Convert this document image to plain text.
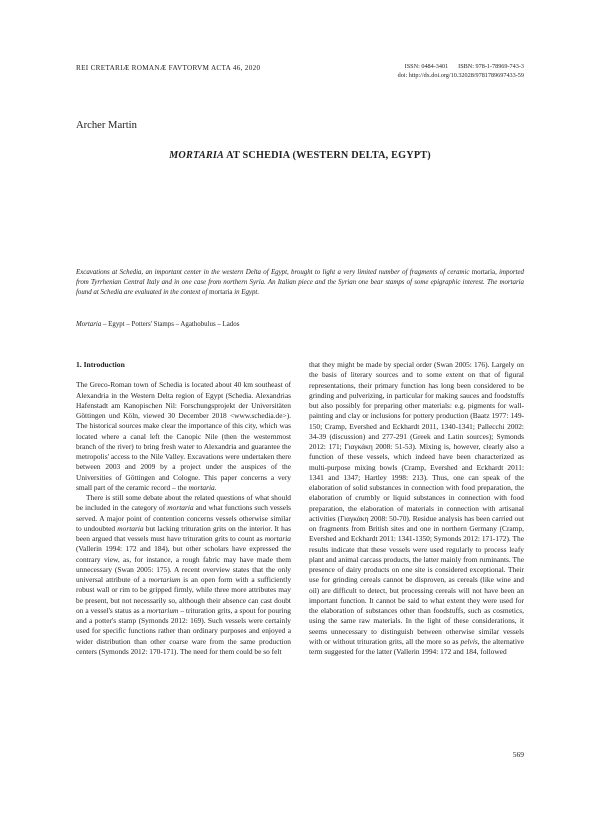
REI CRETARIÆ ROMANÆ FAVTORVM ACTA 46, 2020	ISSN: 0484-3401 ISBN: 978-1-78969-743-3
doi: http://dx.doi.org/10.32028/9781789697433-59
Archer Martin
MORTARIA AT SCHEDIA (WESTERN DELTA, EGYPT)
Excavations at Schedia, an important center in the western Delta of Egypt, brought to light a very limited number of fragments of ceramic mortaria, imported from Tyrrhenian Central Italy and in one case from northern Syria. An Italian piece and the Syrian one bear stamps of some epigraphic interest. The mortaria found at Schedia are evaluated in the context of mortaria in Egypt.
Mortaria – Egypt – Potters' Stamps – Agathobulus – Lados
1. Introduction

The Greco-Roman town of Schedia is located about 40 km southeast of Alexandria in the Western Delta region of Egypt (Schedia. Alexandrias Hafenstadt am Kanopischen Nil: Forschungsprojekt der Universitäten Göttingen und Köln, viewed 30 December 2018 <www.schedia.de>). The historical sources make clear the importance of this city, which was located where a canal left the Canopic Nile (then the westernmost branch of the river) to bring fresh water to Alexandria and guarantee the metropolis' access to the Nile Valley. Excavations were undertaken there between 2003 and 2009 by a project under the auspices of the Universities of Göttingen and Cologne. This paper concerns a very small part of the ceramic record – the mortaria.

There is still some debate about the related questions of what should be included in the category of mortaria and what functions such vessels served. A major point of contention concerns vessels otherwise similar to undoubted mortaria but lacking trituration grits on the interior. It has been argued that vessels must have trituration grits to count as mortaria (Vallerin 1994: 172 and 184), but other scholars have expressed the contrary view, as, for instance, a rough fabric may have made them unnecessary (Swan 2005: 175). A recent overview states that the only universal attribute of a mortarium is an open form with a sufficiently robust wall or rim to be gripped firmly, while three more attributes may be present, but not necessarily so, although their absence can cast doubt on a vessel's status as a mortarium – trituration grits, a spout for pouring and a potter's stamp (Symonds 2012: 169). Such vessels were certainly used for specific functions rather than ordinary purposes and enjoyed a wider distribution than other coarse ware from the same production centers (Symonds 2012: 170-171). The need for them could be so felt

that they might be made by special order (Swan 2005: 176). Largely on the basis of literary sources and to some extent on that of figural representations, their primary function has long been considered to be grinding and pulverizing, in particular for making sauces and foodstuffs but also possibly for preparing other materials: e.g. pigments for wall-painting and clay or inclusions for pottery production (Baatz 1977: 149-150; Cramp, Evershed and Eckhardt 2011, 1340-1341; Pallecchi 2002: 34-39 (discussion) and 277-291 (Greek and Latin sources); Symonds 2012: 171; Γιαγκάκη 2008: 51-53). Mixing is, however, clearly also a function of these vessels, which indeed have been characterized as multi-purpose mixing bowls (Cramp, Evershed and Eckhardt 2011: 1341 and 1347; Hartley 1998: 213). Thus, one can speak of the elaboration of solid substances in connection with food preparation, the elaboration of crumbly or liquid substances in connection with food preparation, the elaboration of materials in connection with artisanal activities (Γιαγκάκη 2008: 50-70). Residue analysis has been carried out on fragments from British sites and one in northern Germany (Cramp, Evershed and Eckhardt 2011: 1341-1350; Symonds 2012: 171-172). The results indicate that these vessels were used regularly to process leafy plant and animal carcass products, the latter mainly from ruminants. The presence of dairy products on one site is considered exceptional. Their use for grinding cereals cannot be disproven, as cereals (like wine and oil) are difficult to detect, but processing cereals will not have been an important function. It cannot be said to what extent they were used for the elaboration of substances other than foodstuffs, such as cosmetics, using the same raw materials. In the light of these considerations, it seems unnecessary to distinguish between otherwise similar vessels with or without trituration grits, all the more so as pelvis, the alternative term suggested for the latter (Vallerin 1994: 172 and 184, followed

569
